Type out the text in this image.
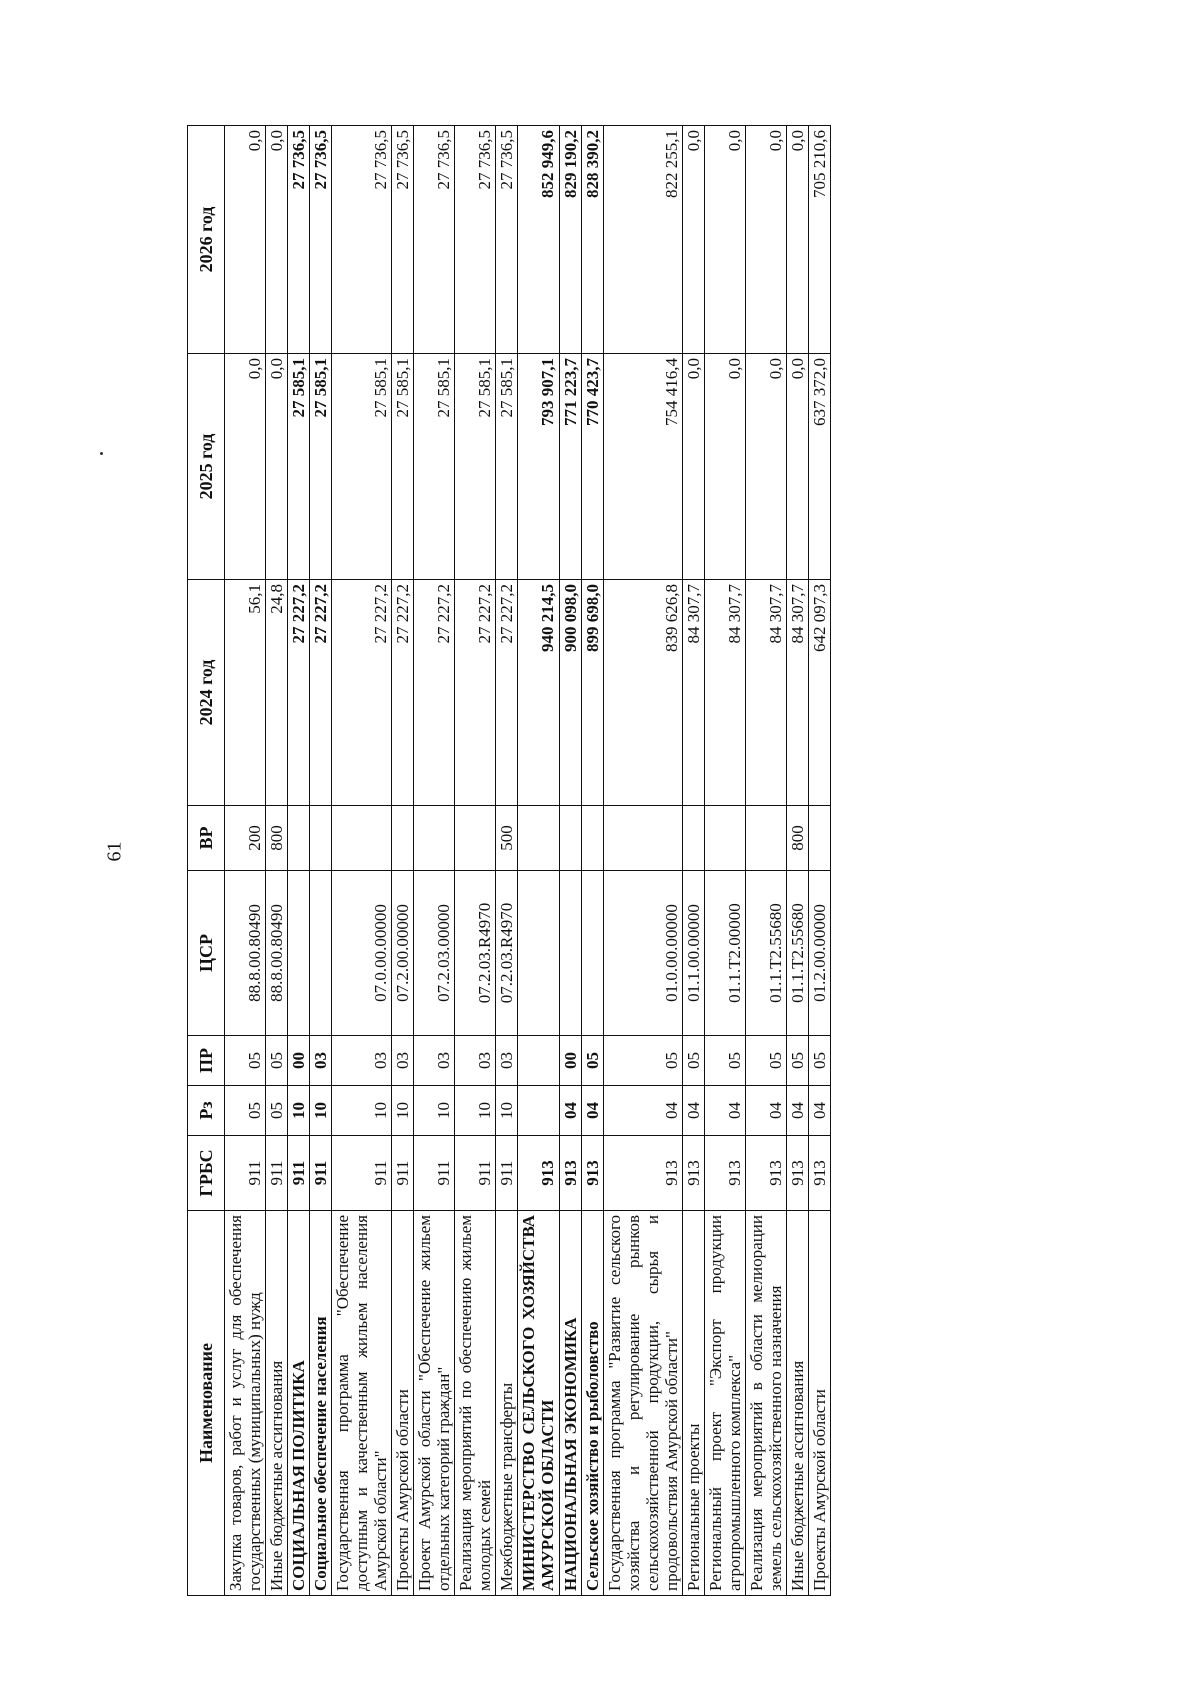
61
Наименование	ГРБС	Рз	ПР	ЦСР	ВР	2024 год	2025 год	2026 год
Закупка товаров, работ и услуг для обеспечения государственных (муниципальных) нужд	911	05	05	88.8.00.80490	200	56,1	0,0	0,0
Иные бюджетные ассигнования	911	05	05	88.8.00.80490	800	24,8	0,0	0,0
СОЦИАЛЬНАЯ ПОЛИТИКА	911	10	00			27 227,2	27 585,1	27 736,5
Социальное обеспечение населения	911	10	03			27 227,2	27 585,1	27 736,5
Государственная программа "Обеспечение доступным и качественным жильем населения Амурской области"	911	10	03	07.0.00.00000		27 227,2	27 585,1	27 736,5
Проекты Амурской области	911	10	03	07.2.00.00000		27 227,2	27 585,1	27 736,5
Проект Амурской области "Обеспечение жильем отдельных категорий граждан"	911	10	03	07.2.03.00000		27 227,2	27 585,1	27 736,5
Реализация мероприятий по обеспечению жильем молодых семей	911	10	03	07.2.03.R4970		27 227,2	27 585,1	27 736,5
Межбюджетные трансферты	911	10	03	07.2.03.R4970	500	27 227,2	27 585,1	27 736,5
МИНИСТЕРСТВО СЕЛЬСКОГО ХОЗЯЙСТВА АМУРСКОЙ ОБЛАСТИ	913					940 214,5	793 907,1	852 949,6
НАЦИОНАЛЬНАЯ ЭКОНОМИКА	913	04	00			900 098,0	771 223,7	829 190,2
Сельское хозяйство и рыболовство	913	04	05			899 698,0	770 423,7	828 390,2
Государственная программа "Развитие сельского хозяйства и регулирование рынков сельскохозяйственной продукции, сырья и продовольствия Амурской области"	913	04	05	01.0.00.00000		839 626,8	754 416,4	822 255,1
Региональные проекты	913	04	05	01.1.00.00000		84 307,7	0,0	0,0
Региональный проект "Экспорт продукции агропромышленного комплекса"	913	04	05	01.1.Т2.00000		84 307,7	0,0	0,0
Реализация мероприятий в области мелиорации земель сельскохозяйственного назначения	913	04	05	01.1.Т2.55680		84 307,7	0,0	0,0
Иные бюджетные ассигнования	913	04	05	01.1.Т2.55680	800	84 307,7	0,0	0,0
Проекты Амурской области	913	04	05	01.2.00.00000		642 097,3	637 372,0	705 210,6
